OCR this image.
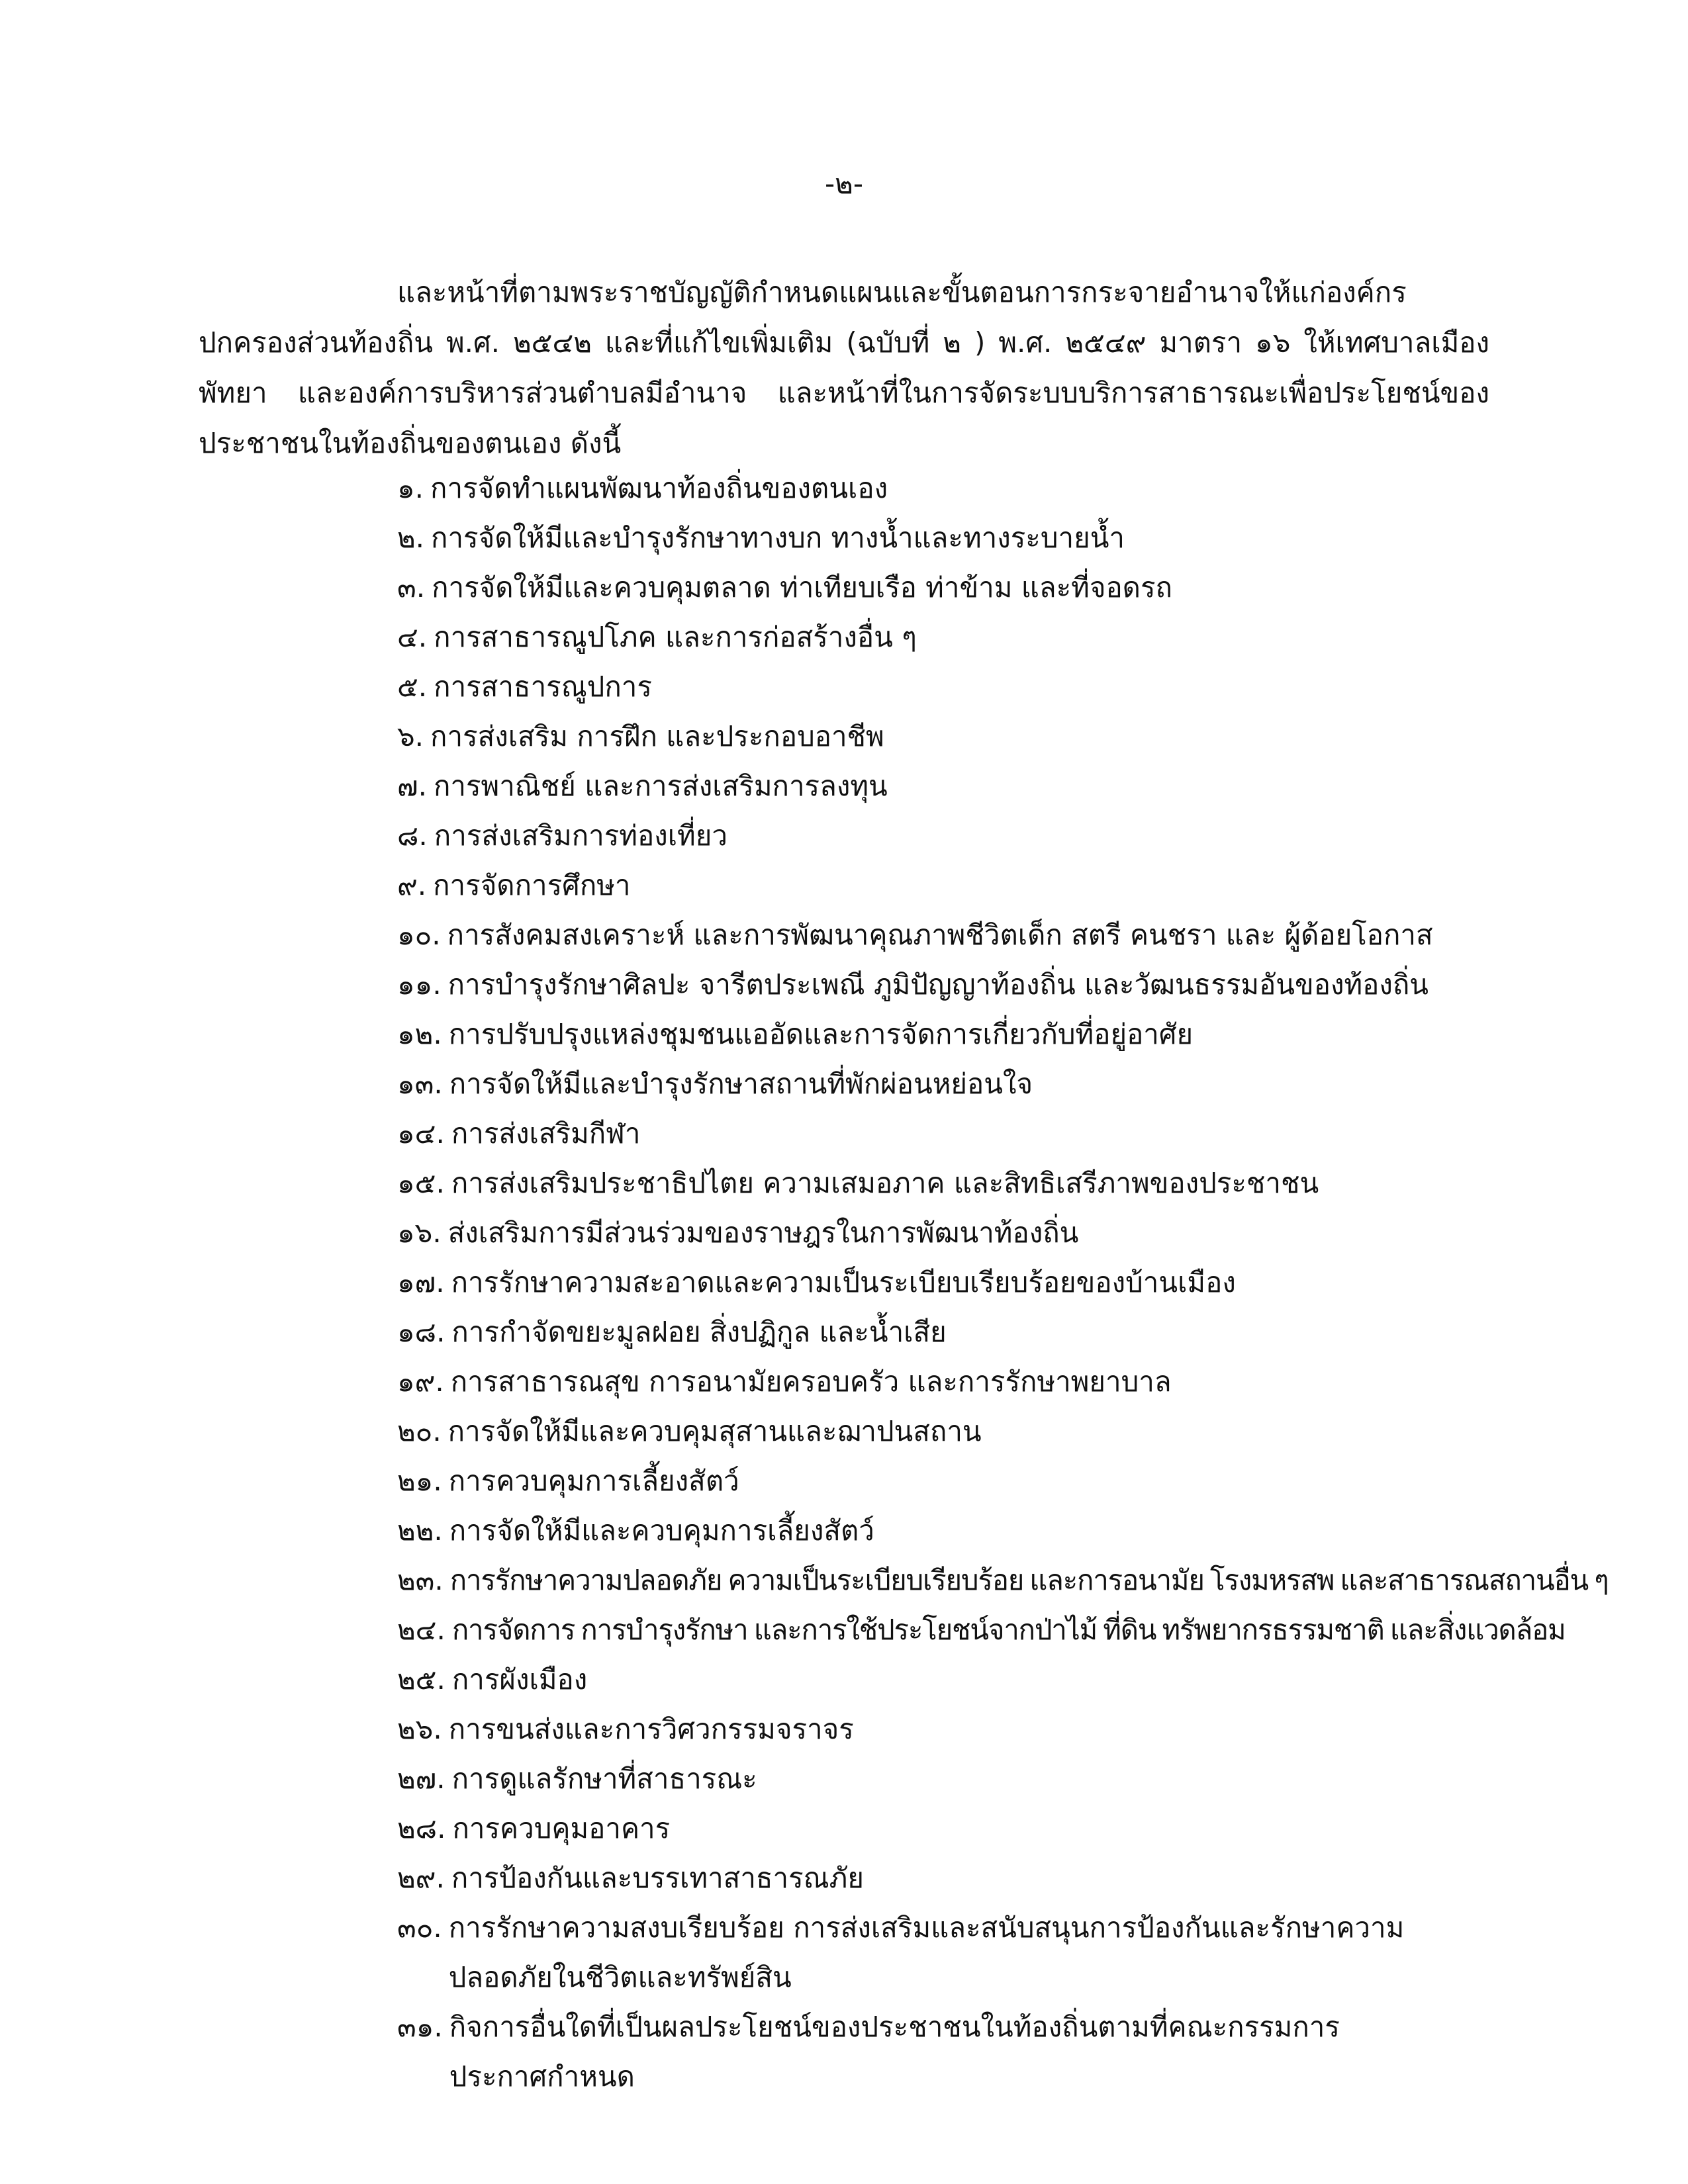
-๒-

และหน้าที่ตามพระราชบัญญัติกำหนดแผนและขั้นตอนการกระจายอำนาจให้แก่องค์กรปกครองส่วนท้องถิ่น พ.ศ. ๒๕๔๒ และที่แก้ไขเพิ่มเติม (ฉบับที่ ๒ ) พ.ศ. ๒๕๔๙ มาตรา ๑๖ ให้เทศบาลเมืองพัทยา และองค์การบริหารส่วนตำบลมีอำนาจ และหน้าที่ในการจัดระบบบริการสาธารณะเพื่อประโยชน์ของประชาชนในท้องถิ่นของตนเอง ดังนี้

๑. การจัดทำแผนพัฒนาท้องถิ่นของตนเอง
๒. การจัดให้มีและบำรุงรักษาทางบก ทางน้ำและทางระบายน้ำ
๓. การจัดให้มีและควบคุมตลาด ท่าเทียบเรือ ท่าข้าม และที่จอดรถ
๔. การสาธารณูปโภค และการก่อสร้างอื่น ๆ
๕. การสาธารณูปการ
๖. การส่งเสริม การฝึก และประกอบอาชีพ
๗. การพาณิชย์ และการส่งเสริมการลงทุน
๘. การส่งเสริมการท่องเที่ยว
๙. การจัดการศึกษา
๑๐. การสังคมสงเคราะห์ และการพัฒนาคุณภาพชีวิตเด็ก สตรี คนชรา และ ผู้ด้อยโอกาส
๑๑. การบำรุงรักษาศิลปะ จารีตประเพณี ภูมิปัญญาท้องถิ่น และวัฒนธรรมอันของท้องถิ่น
๑๒. การปรับปรุงแหล่งชุมชนแออัดและการจัดการเกี่ยวกับที่อยู่อาศัย
๑๓. การจัดให้มีและบำรุงรักษาสถานที่พักผ่อนหย่อนใจ
๑๔. การส่งเสริมกีฬา
๑๕. การส่งเสริมประชาธิปไตย ความเสมอภาค และสิทธิเสรีภาพของประชาชน
๑๖. ส่งเสริมการมีส่วนร่วมของราษฎรในการพัฒนาท้องถิ่น
๑๗. การรักษาความสะอาดและความเป็นระเบียบเรียบร้อยของบ้านเมือง
๑๘. การกำจัดขยะมูลฝอย สิ่งปฏิกูล และน้ำเสีย
๑๙. การสาธารณสุข การอนามัยครอบครัว และการรักษาพยาบาล
๒๐. การจัดให้มีและควบคุมสุสานและฌาปนสถาน
๒๑. การควบคุมการเลี้ยงสัตว์
๒๒. การจัดให้มีและควบคุมการเลี้ยงสัตว์
๒๓. การรักษาความปลอดภัย ความเป็นระเบียบเรียบร้อย และการอนามัย โรงมหรสพ และสาธารณสถานอื่น ๆ
๒๔. การจัดการ การบำรุงรักษา และการใช้ประโยชน์จากป่าไม้ ที่ดิน ทรัพยากรธรรมชาติ และสิ่งแวดล้อม
๒๕. การผังเมือง
๒๖. การขนส่งและการวิศวกรรมจราจร
๒๗. การดูแลรักษาที่สาธารณะ
๒๘. การควบคุมอาคาร
๒๙. การป้องกันและบรรเทาสาธารณภัย
๓๐. การรักษาความสงบเรียบร้อย การส่งเสริมและสนับสนุนการป้องกันและรักษาความปลอดภัยในชีวิตและทรัพย์สิน
๓๑. กิจการอื่นใดที่เป็นผลประโยชน์ของประชาชนในท้องถิ่นตามที่คณะกรรมการประกาศกำหนด
